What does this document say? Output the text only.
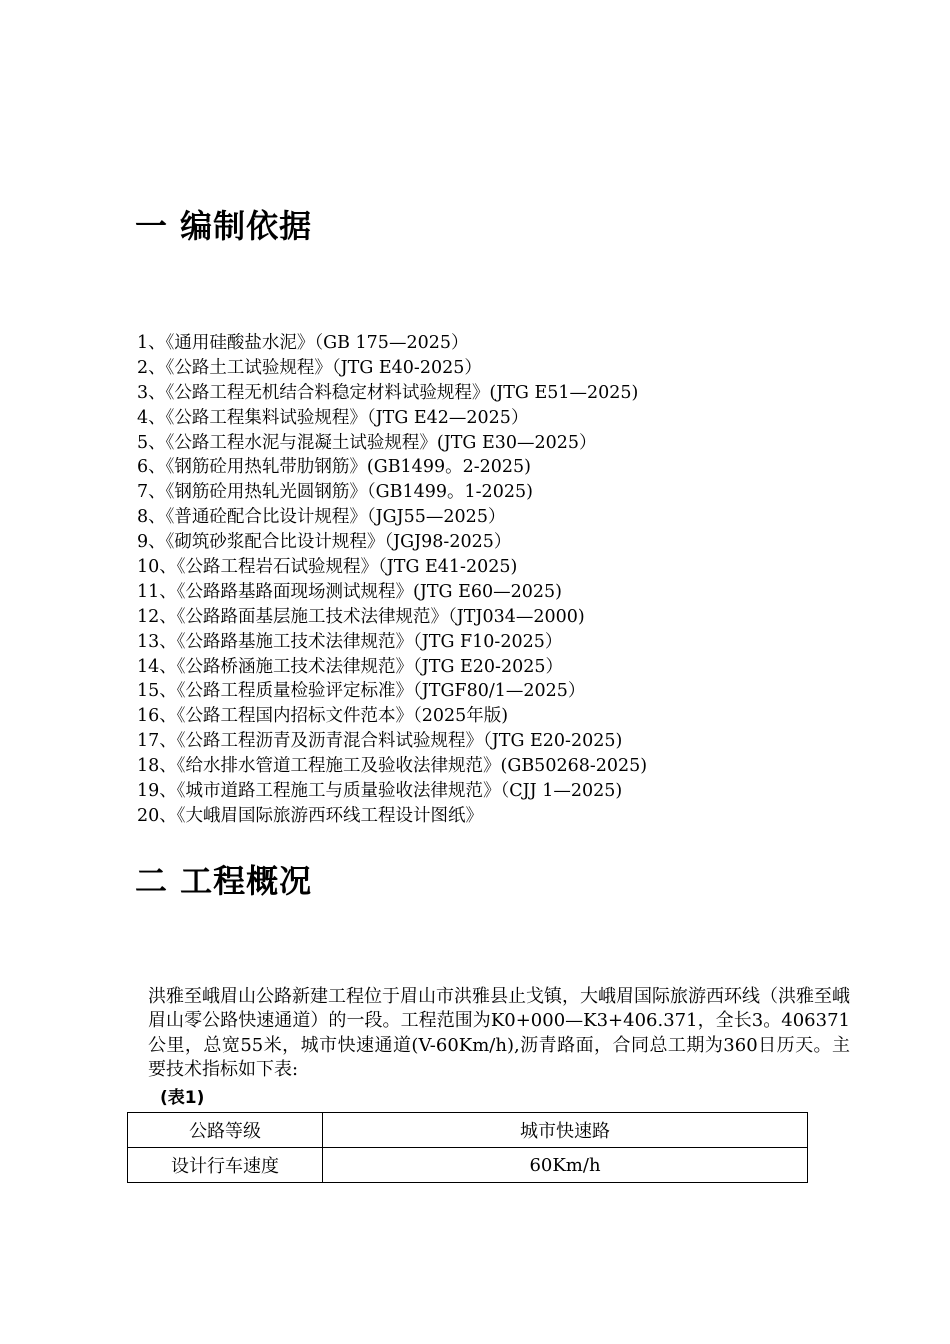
一 编制依据
1、《通用硅酸盐水泥》（GB 175—2025）
2、《公路土工试验规程》（JTG E40-2025）
3、《公路工程无机结合料稳定材料试验规程》(JTG E51—2025)
4、《公路工程集料试验规程》（JTG E42—2025）
5、《公路工程水泥与混凝土试验规程》(JTG E30—2025）
6、《钢筋砼用热轧带肋钢筋》(GB1499。2-2025)
7、《钢筋砼用热轧光圆钢筋》（GB1499。1-2025)
8、《普通砼配合比设计规程》（JGJ55—2025）
9、《砌筑砂浆配合比设计规程》（JGJ98-2025）
10、《公路工程岩石试验规程》（JTG E41-2025)
11、《公路路基路面现场测试规程》(JTG E60—2025)
12、《公路路面基层施工技术法律规范》（JTJ034—2000)
13、《公路路基施工技术法律规范》（JTG F10-2025）
14、《公路桥涵施工技术法律规范》（JTG E20-2025）
15、《公路工程质量检验评定标准》（JTGF80/1—2025）
16、《公路工程国内招标文件范本》（2025年版)
17、《公路工程沥青及沥青混合料试验规程》（JTG E20-2025)
18、《给水排水管道工程施工及验收法律规范》(GB50268-2025)
19、《城市道路工程施工与质量验收法律规范》（CJJ 1—2025)
20、《大峨眉国际旅游西环线工程设计图纸》
二 工程概况

洪雅至峨眉山公路新建工程位于眉山市洪雅县止戈镇，大峨眉国际旅游西环线（洪雅至峨眉山零公路快速通道）的一段。工程范围为K0+000—K3+406.371，全长3。406371公里，总宽55米，城市快速通道(V-60Km/h),沥青路面，合同总工期为360日历天。主要技术指标如下表:

(表1)
公路等级	城市快速路
设计行车速度	60Km/h
